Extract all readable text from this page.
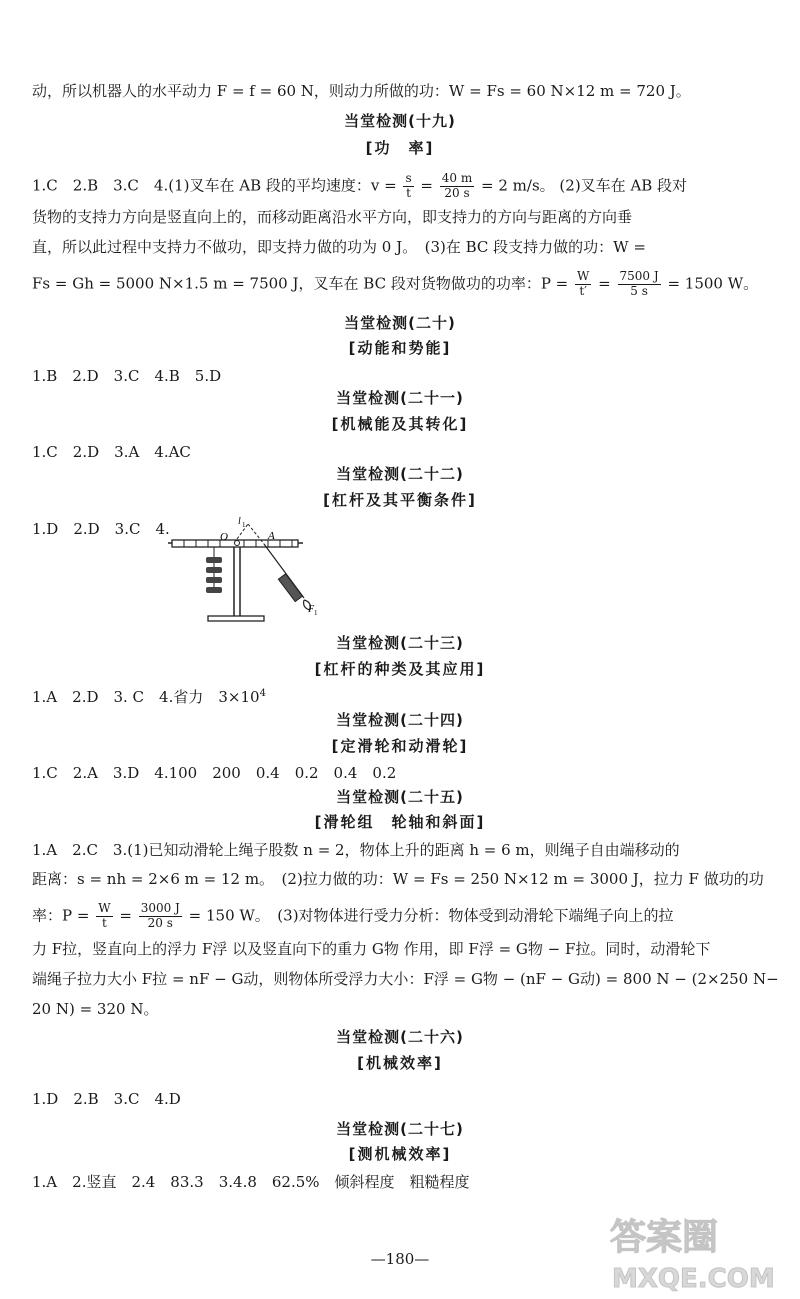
动，所以机器人的水平动力 F = f = 60 N，则动力所做的功：W = Fs = 60 N×12 m = 720 J。
当堂检测(十九)
[功　率]
1.C　2.B　3.C　4.(1)叉车在 AB 段的平均速度：$v = \frac{s}{t} = \frac{40 m}{20 s} = 2$ m/s。 (2)叉车在 AB 段对
货物的支持力方向是竖直向上的，而移动距离沿水平方向，即支持力的方向与距离的方向垂
直，所以此过程中支持力不做功，即支持力做的功为 0 J。　(3)在 BC 段支持力做的功：W =
Fs = Gh = 5000 N×1.5 m = 7500 J，叉车在 BC 段对货物做功的功率：$P = \frac{W}{t'} = \frac{7500 J}{5 s} = 1500$ W。
当堂检测(二十)
[动能和势能]
1.B　2.D　3.C　4.B　5.D
当堂检测(二十一)
[机械能及其转化]
1.C　2.D　3.A　4.AC
当堂检测(二十二)
[杠杆及其平衡条件]
1.D　2.D　3.C　4.	O	A
l 1
F 1
当堂检测(二十三)
[杠杆的种类及其应用]
1.A　2.D　3. C　4.省力　$3\times 10^4$
当堂检测(二十四)
[定滑轮和动滑轮]
1.C　2.A　3.D　4.100　200　0.4　0.2　0.4　0.2
当堂检测(二十五)
[滑轮组　轮轴和斜面]
1.A　2.C　3.(1)已知动滑轮上绳子股数 n = 2，物体上升的距离 h = 6 m，则绳子自由端移动的
距离：s = nh = 2×6 m = 12 m。　(2)拉力做的功：W = Fs = 250 N×12 m = 3000 J，拉力 F 做功的功
率：$P = \frac{W}{t} = \frac{3000 J}{20 s} = 150$ W。　(3)对物体进行受力分析：物体受到动滑轮下端绳子向上的拉
力 F拉，竖直向上的浮力 F浮 以及竖直向下的重力 G物 作用，即 F浮 = G物 − F拉。同时，动滑轮下
端绳子拉力大小 F拉 = nF − G动，则物体所受浮力大小：F浮 = G物 − (nF − G动) = 800 N − (2×250 N−
20 N) = 320 N。
当堂检测(二十六)
[机械效率]
1.D　2.B　3.C　4.D
当堂检测(二十七)
[测机械效率]
1.A　2.竖直　2.4　83.3　3.4.8　62.5%　倾斜程度　粗糙程度
—180—
答案圈
MXQE.COM
